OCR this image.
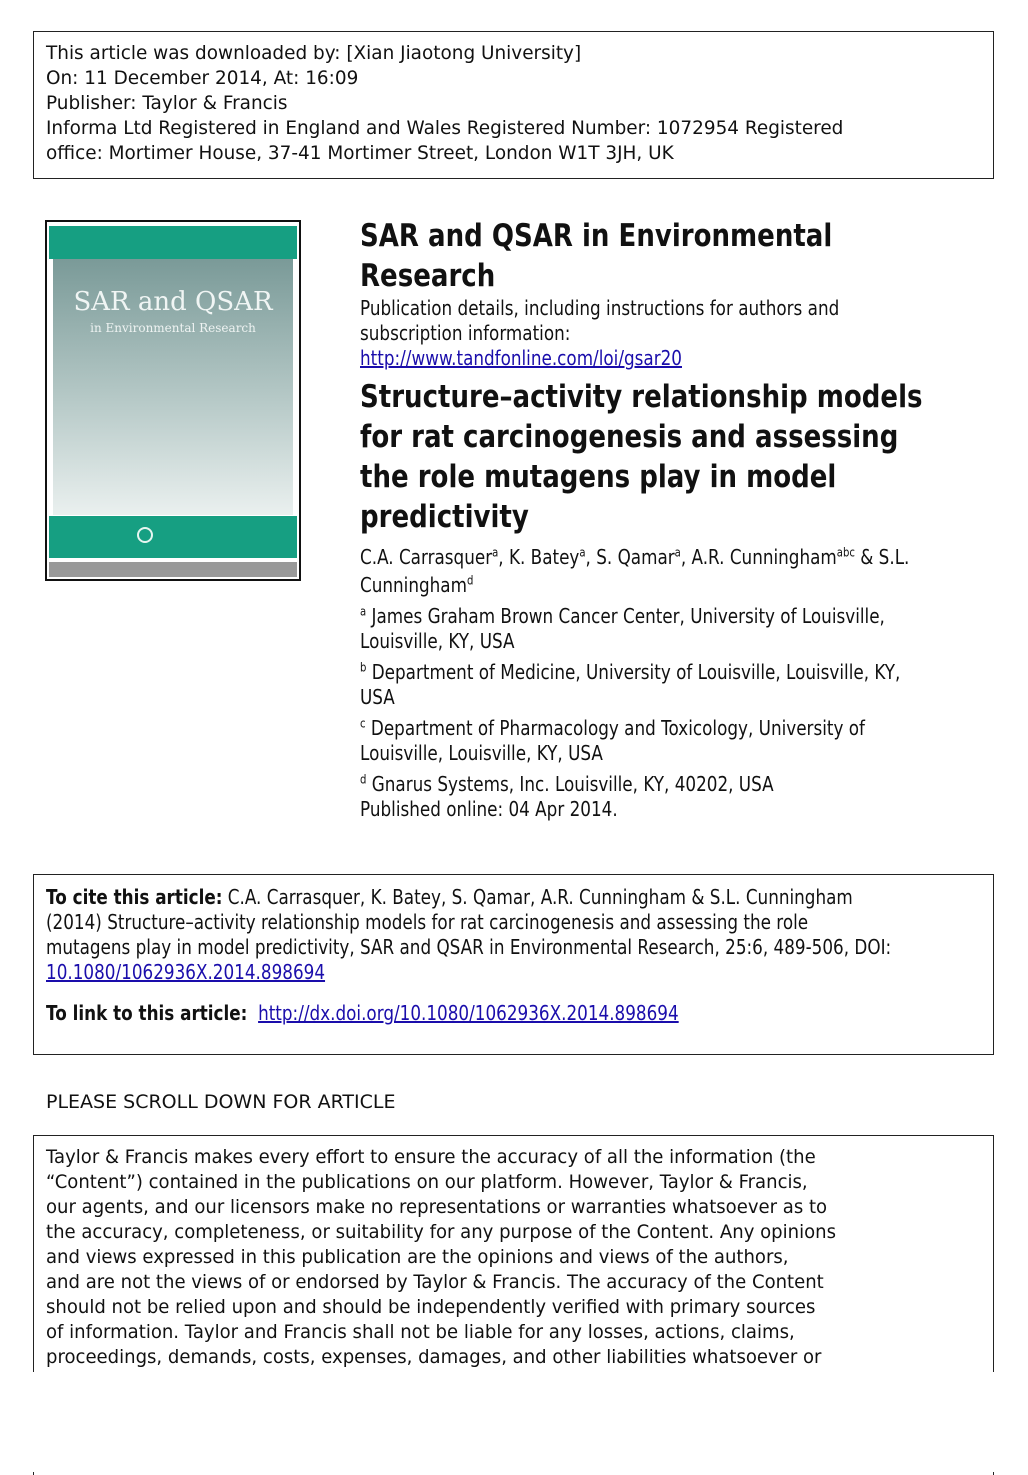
This article was downloaded by: [Xian Jiaotong University]
On: 11 December 2014, At: 16:09
Publisher: Taylor & Francis
Informa Ltd Registered in England and Wales Registered Number: 1072954 Registered
office: Mortimer House, 37-41 Mortimer Street, London W1T 3JH, UK
SAR and QSAR
in Environmental Research
SAR and QSAR in Environmental
Research
Publication details, including instructions for authors and
subscription information:
http://www.tandfonline.com/loi/gsar20
Structure–activity relationship models
for rat carcinogenesis and assessing
the role mutagens play in model
predictivity
C.A. Carrasquer$^a$, K. Batey$^a$, S. Qamar$^a$, A.R. Cunningham$^{abc}$ & S.L.
Cunningham$^d$
$^a$ James Graham Brown Cancer Center, University of Louisville,
Louisville, KY, USA
$^b$ Department of Medicine, University of Louisville, Louisville, KY,
USA
$^c$ Department of Pharmacology and Toxicology, University of
Louisville, Louisville, KY, USA
$^d$ Gnarus Systems, Inc. Louisville, KY, 40202, USA
Published online: 04 Apr 2014.
To cite this article: C.A. Carrasquer, K. Batey, S. Qamar, A.R. Cunningham & S.L. Cunningham
(2014) Structure–activity relationship models for rat carcinogenesis and assessing the role
mutagens play in model predictivity, SAR and QSAR in Environmental Research, 25:6, 489-506, DOI:
10.1080/1062936X.2014.898694
To link to this article: http://dx.doi.org/10.1080/1062936X.2014.898694
PLEASE SCROLL DOWN FOR ARTICLE
Taylor & Francis makes every effort to ensure the accuracy of all the information (the
“Content”) contained in the publications on our platform. However, Taylor & Francis,
our agents, and our licensors make no representations or warranties whatsoever as to
the accuracy, completeness, or suitability for any purpose of the Content. Any opinions
and views expressed in this publication are the opinions and views of the authors,
and are not the views of or endorsed by Taylor & Francis. The accuracy of the Content
should not be relied upon and should be independently verified with primary sources
of information. Taylor and Francis shall not be liable for any losses, actions, claims,
proceedings, demands, costs, expenses, damages, and other liabilities whatsoever or
